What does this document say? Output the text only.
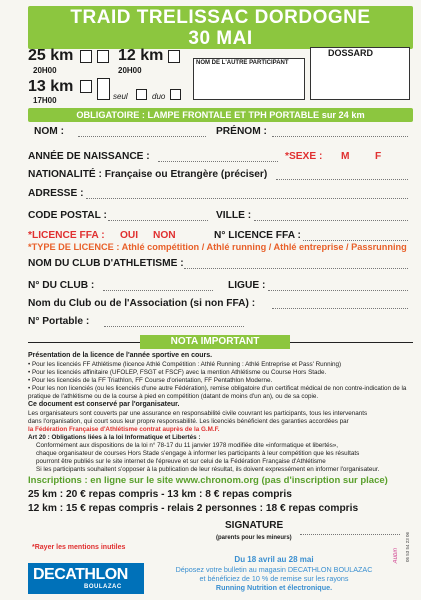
TRAID TRELISSAC DORDOGNE
30 MAI
25 km
20H00
12 km
20H00
13 km
17H00	seul	duo
NOM DE L'AUTRE PARTICIPANT
DOSSARD
OBLIGATOIRE : LAMPE FRONTALE ET TPH PORTABLE sur 24 km
NOM :	PRÉNOM :
ANNÉE DE NAISSANCE :	*SEXE : M	F
NATIONALITÉ : Française ou Etrangère (préciser)
ADRESSE :
CODE POSTAL :	VILLE :
*LICENCE FFA : OUI NON	N° LICENCE FFA :
*TYPE DE LICENCE : Athlé compétition / Athlé running / Athlé entreprise / Passrunning
NOM DU CLUB D'ATHLETISME :
N° DU CLUB :	LIGUE :
Nom du Club ou de l'Association (si non FFA) :
N° Portable :
NOTA IMPORTANT
Présentation de la licence de l'année sportive en cours.
• Pour les licenciés FF Athlétisme (licence Athlé Compétition : Athlé Running : Athlé Entreprise et Pass' Running)
• Pour les licenciés affinitaire (UFOLEP, FSGT et FSCF) avec la mention Athlétisme ou Course Hors Stade.
• Pour les licenciés de la FF Triathlon, FF Course d'orientation, FF Pentathlon Moderne.
• Pour les non licenciés (ou les licenciés d'une autre Fédération), remise obligatoire d'un certificat médical de non contre-indication de la
pratique de l'athlétisme ou de la course à pied en compétition (datant de moins d'un an), ou de sa copie.
Ce document est conservé par l'organisateur.
Les organisateurs sont couverts par une assurance en responsabilité civile couvrant les participants, tous les intervenants
dans l'organisation, qui court sous leur propre responsabilité. Les licenciés bénéficient des garanties accordées par
la Fédération Française d'Athlétisme contrat auprès de la G.M.F.
Art 20 : Obligations liées à la loi Informatique et Libertés :
Conformément aux dispositions de la loi n° 78-17 du 11 janvier 1978 modifiée dite «informatique et libertés»,
chaque organisateur de courses Hors Stade s'engage à informer les participants à leur compétition que les résultats
pourront être publiés sur le site internet de l'épreuve et sur celui de la Fédération Française d'Athlétisme
Si les participants souhaitent s'opposer à la publication de leur résultat, ils doivent expressément en informer l'organisateur.
Inscriptions : en ligne sur le site www.chronom.org (pas d'inscription sur place)
25 km : 20 € repas compris - 13 km : 8 € repas compris
12 km : 15 € repas compris - relais 2 personnes : 18 € repas compris
SIGNATURE
(parents pour les mineurs)
*Rayer les mentions inutiles
DECATHLON
BOULAZAC
Du 18 avril au 28 mai
Déposez votre bulletin au magasin DECATHLON BOULAZAC
et bénéficiez de 10 % de remise sur les rayons
Running Nutrition et électronique.
05 53 54 23 06
Aubin
